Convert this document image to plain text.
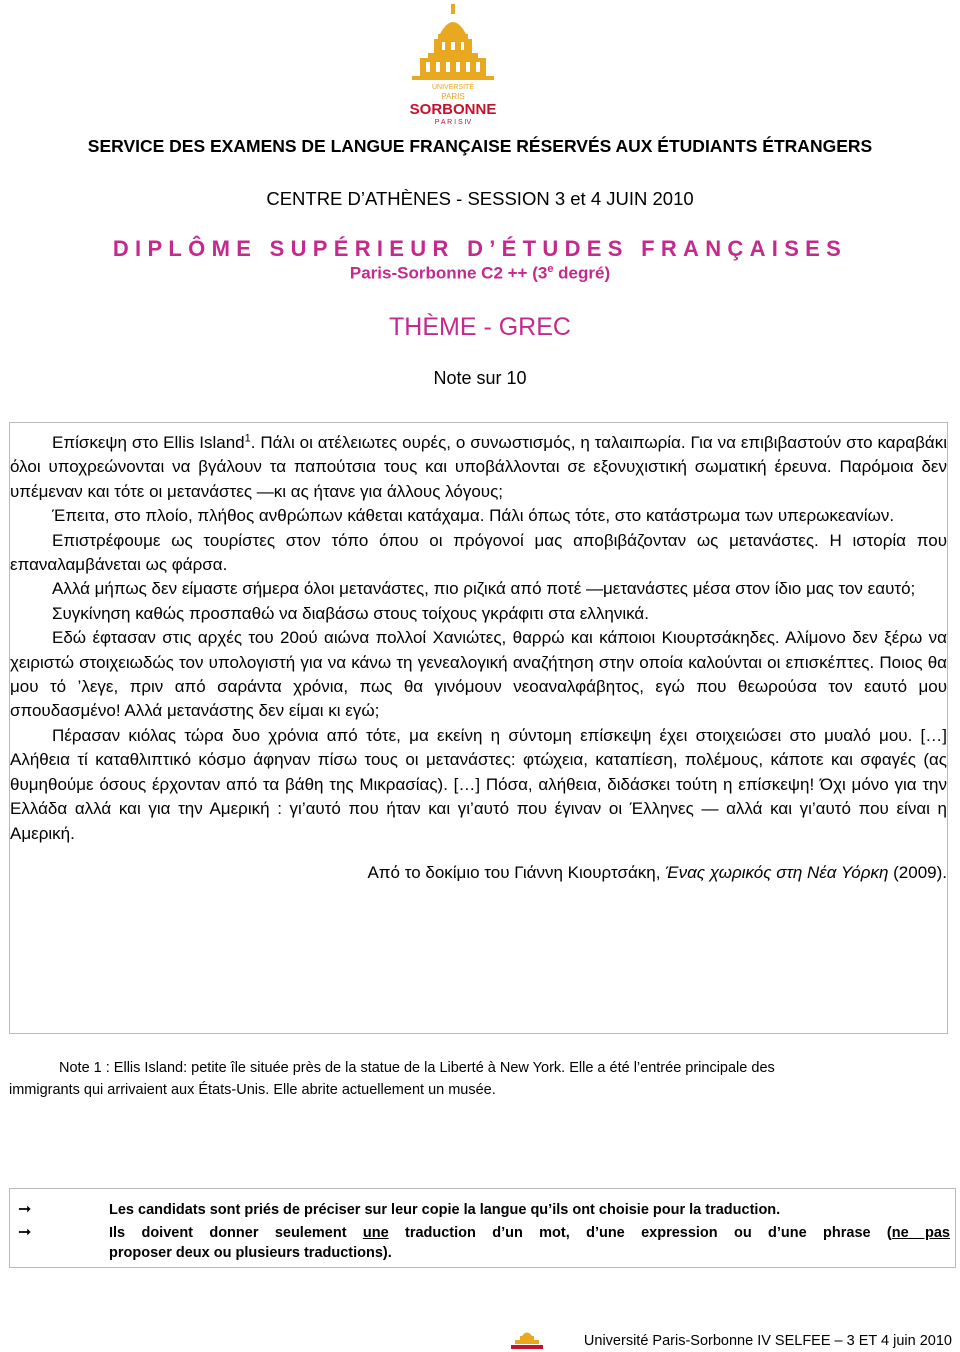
UNIVERSITÉ
PARIS
SORBONNE
P A R I S IV
SERVICE DES EXAMENS DE LANGUE FRANÇAISE RÉSERVÉS AUX ÉTUDIANTS ÉTRANGERS
CENTRE D’ATHÈNES - SESSION 3 et 4 JUIN 2010
DIPLÔME SUPÉRIEUR D’ÉTUDES FRANÇAISES
Paris-Sorbonne $C2 ++ (3^e$ degré)
THÈME - GREC
Note sur 10

Επίσκεψη στο Ellis Island$^1$. Πάλι οι ατέλειωτες ουρές, ο συνωστισμός, η ταλαιπωρία. Για να επιβιβαστούν στο καραβάκι όλοι υποχρεώνονται να βγάλουν τα παπούτσια τους και υποβάλλονται σε εξονυχιστική σωματική έρευνα. Παρόμοια δεν υπέμεναν και τότε οι μετανάστες —κι ας ήτανε για άλλους λόγους;

Έπειτα, στο πλοίο, πλήθος ανθρώπων κάθεται κατάχαμα. Πάλι όπως τότε, στο κατάστρωμα των υπερωκεανίων.

Επιστρέφουμε ως τουρίστες στον τόπο όπου οι πρόγονοί μας αποβιβάζονταν ως μετανάστες. Η ιστορία που επαναλαμβάνεται ως φάρσα.

Αλλά μήπως δεν είμαστε σήμερα όλοι μετανάστες, πιο ριζικά από ποτέ —μετανάστες μέσα στον ίδιο μας τον εαυτό;

Συγκίνηση καθώς προσπαθώ να διαβάσω στους τοίχους γκράφιτι στα ελληνικά.

Εδώ έφτασαν στις αρχές του 20ού αιώνα πολλοί Χανιώτες, θαρρώ και κάποιοι Κιουρτσάκηδες. Αλίμονο δεν ξέρω να χειριστώ στοιχειωδώς τον υπολογιστή για να κάνω τη γενεαλογική αναζήτηση στην οποία καλούνται οι επισκέπτες. Ποιος θα μου τό ’λεγε, πριν από σαράντα χρόνια, πως θα γινόμουν νεοαναλφάβητος, εγώ που θεωρούσα τον εαυτό μου σπουδασμένο! Αλλά μετανάστης δεν είμαι κι εγώ;

Πέρασαν κιόλας τώρα δυο χρόνια από τότε, μα εκείνη η σύντομη επίσκεψη έχει στοιχειώσει στο μυαλό μου. […] Αλήθεια τί καταθλιπτικό κόσμο άφηναν πίσω τους οι μετανάστες: φτώχεια, καταπίεση, πολέμους, κάποτε και σφαγές (ας θυμηθούμε όσους έρχονταν από τα βάθη της Μικρασίας). […] Πόσα, αλήθεια, διδάσκει τούτη η επίσκεψη! Όχι μόνο για την Ελλάδα αλλά και για την Αμερική : γι’αυτό που ήταν και γι’αυτό που έγιναν οι Έλληνες — αλλά και γι’αυτό που είναι η Αμερική.

Από το δοκίμιο του Γιάννη Κιουρτσάκη, Ένας χωρικός στη Νέα Υόρκη (2009).
Note 1 : Ellis Island: petite île située près de la statue de la Liberté à New York. Elle a été l’entrée principale des
immigrants qui arrivaient aux États-Unis. Elle abrite actuellement un musée.
➞	Les candidats sont priés de préciser sur leur copie la langue qu’ils ont choisie pour la traduction.
➞	Ils doivent donner seulement une traduction d’un mot, d’une expression ou d’une phrase (ne pas
proposer deux ou plusieurs traductions).
Université Paris-Sorbonne IV SELFEE – 3 ET 4 juin 2010
